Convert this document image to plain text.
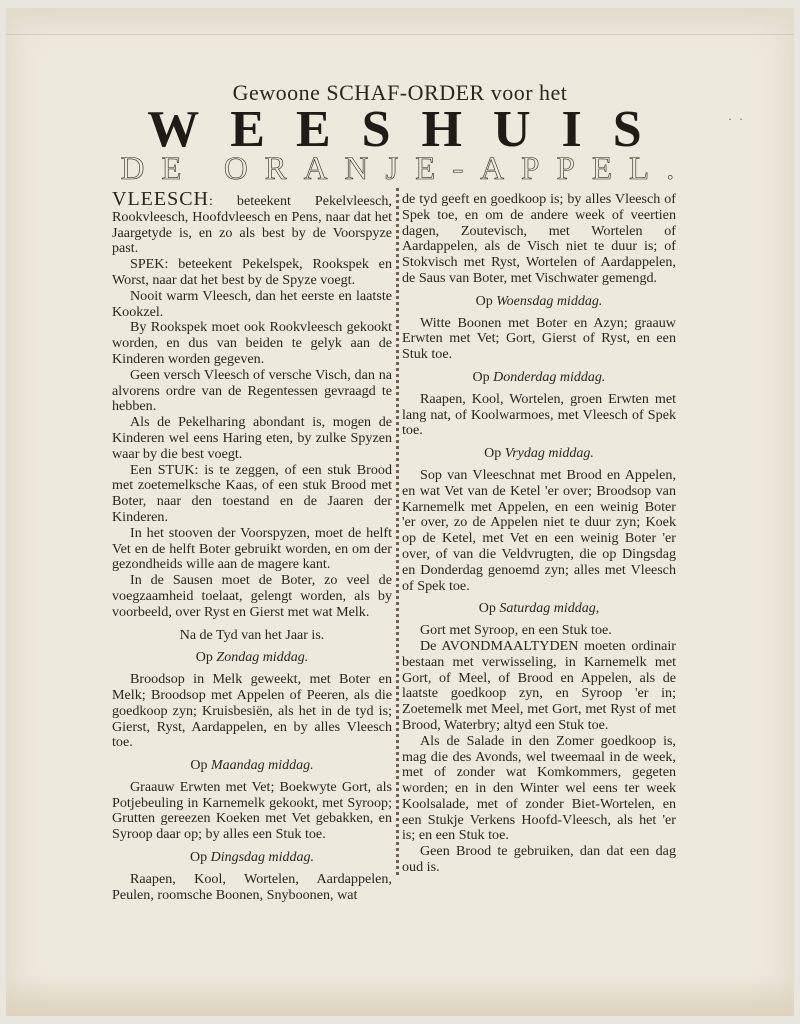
· ·
Gewoone SCHAF-ORDER voor het
WEESHUIS
DE ORANJE-APPEL.

VLEESCH: beteekent Pekelvleesch, Rookvleesch, Hoofdvleesch en Pens, naar dat het Jaargetyde is, en zo als best by de Voorspyze past.

SPEK: beteekent Pekelspek, Rookspek en Worst, naar dat het best by de Spyze voegt.

Nooit warm Vleesch, dan het eerste en laatste Kookzel.

By Rookspek moet ook Rookvleesch gekookt worden, en dus van beiden te gelyk aan de Kinderen worden gegeven.

Geen versch Vleesch of versche Visch, dan na alvorens ordre van de Regentessen gevraagd te hebben.

Als de Pekelharing abondant is, mogen de Kinderen wel eens Haring eten, by zulke Spyzen waar by die best voegt.

Een STUK: is te zeggen, of een stuk Brood met zoetemelksche Kaas, of een stuk Brood met Boter, naar den toestand en de Jaaren der Kinderen.

In het stooven der Voorspyzen, moet de helft Vet en de helft Boter gebruikt worden, en om der gezondheids wille aan de magere kant.

In de Sausen moet de Boter, zo veel de voegzaamheid toelaat, gelengt worden, als by voorbeeld, over Ryst en Gierst met wat Melk.

Na de Tyd van het Jaar is.

Op Zondag middag.

Broodsop in Melk geweekt, met Boter en Melk; Broodsop met Appelen of Peeren, als die goedkoop zyn; Kruisbesiën, als het in de tyd is; Gierst, Ryst, Aardappelen, en by alles Vleesch toe.

Op Maandag middag.

Graauw Erwten met Vet; Boekwyte Gort, als Potjebeuling in Karnemelk gekookt, met Syroop; Grutten gereezen Koeken met Vet gebakken, en Syroop daar op; by alles een Stuk toe.

Op Dingsdag middag.

Raapen, Kool, Wortelen, Aardappelen, Peulen, roomsche Boonen, Snyboonen, wat

de tyd geeft en goedkoop is; by alles Vleesch of Spek toe, en om de andere week of veertien dagen, Zoutevisch, met Wortelen of Aardappelen, als de Visch niet te duur is; of Stokvisch met Ryst, Wortelen of Aardappelen, de Saus van Boter, met Vischwater gemengd.

Op Woensdag middag.

Witte Boonen met Boter en Azyn; graauw Erwten met Vet; Gort, Gierst of Ryst, en een Stuk toe.

Op Donderdag middag.

Raapen, Kool, Wortelen, groen Erwten met lang nat, of Koolwarmoes, met Vleesch of Spek toe.

Op Vrydag middag.

Sop van Vleeschnat met Brood en Appelen, en wat Vet van de Ketel 'er over; Broodsop van Karnemelk met Appelen, en een weinig Boter 'er over, zo de Appelen niet te duur zyn; Koek op de Ketel, met Vet en een weinig Boter 'er over, of van die Veldvrugten, die op Dingsdag en Donderdag genoemd zyn; alles met Vleesch of Spek toe.

Op Saturdag middag,

Gort met Syroop, en een Stuk toe.

De AVONDMAALTYDEN moeten ordinair bestaan met verwisseling, in Karnemelk met Gort, of Meel, of Brood en Appelen, als de laatste goedkoop zyn, en Syroop 'er in; Zoetemelk met Meel, met Gort, met Ryst of met Brood, Waterbry; altyd een Stuk toe.

Als de Salade in den Zomer goedkoop is, mag die des Avonds, wel tweemaal in de week, met of zonder wat Komkommers, gegeten worden; en in den Winter wel eens ter week Koolsalade, met of zonder Biet-Wortelen, en een Stukje Verkens Hoofd-Vleesch, als het 'er is; en een Stuk toe.

Geen Brood te gebruiken, dan dat een dag oud is.
